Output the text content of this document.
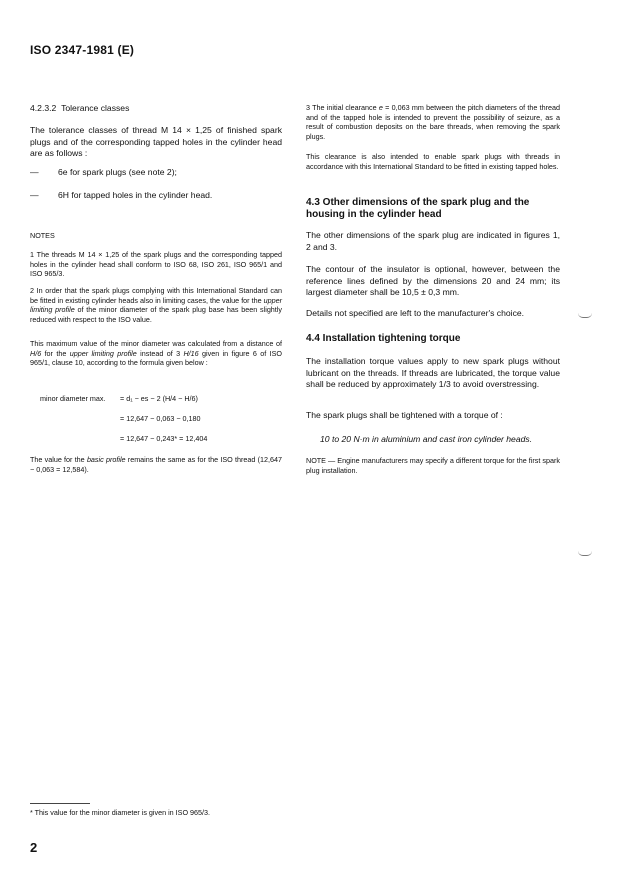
ISO 2347-1981 (E)
4.2.3.2 Tolerance classes

The tolerance classes of thread M 14 × 1,25 of finished spark plugs and of the corresponding tapped holes in the cylinder head are as follows :

— 6e for spark plugs (see note 2);
— 6H for tapped holes in the cylinder head.
NOTES

1 The threads M 14 × 1,25 of the spark plugs and the corresponding tapped holes in the cylinder head shall conform to ISO 68, ISO 261, ISO 965/1 and ISO 965/3.

2 In order that the spark plugs complying with this International Standard can be fitted in existing cylinder heads also in limiting cases, the value for the upper limiting profile of the minor diameter of the spark plug base has been slightly reduced with respect to the ISO value.

This maximum value of the minor diameter was calculated from a distance of H/6 for the upper limiting profile instead of 3 H/16 given in figure 6 of ISO 965/1, clause 10, according to the formula given below :

minor diameter max. = d₁ − es − 2 (H/4 − H/6)
= 12,647 − 0,063 − 0,180
= 12,647 − 0,243* = 12,404

The value for the basic profile remains the same as for the ISO thread (12,647 − 0,063 = 12,584).

3 The initial clearance e = 0,063 mm between the pitch diameters of the thread and of the tapped hole is intended to prevent the possibility of seizure, as a result of combustion deposits on the bare threads, when removing the spark plugs.

This clearance is also intended to enable spark plugs with threads in accordance with this International Standard to be fitted in existing tapped holes.

4.3 Other dimensions of the spark plug and the housing in the cylinder head

The other dimensions of the spark plug are indicated in figures 1, 2 and 3.

The contour of the insulator is optional, however, between the reference lines defined by the dimensions 20 and 24 mm; its largest diameter shall be 10,5 ± 0,3 mm.

Details not specified are left to the manufacturer's choice.

4.4 Installation tightening torque

The installation torque values apply to new spark plugs without lubricant on the threads. If threads are lubricated, the torque value shall be reduced by approximately 1/3 to avoid overstressing.

The spark plugs shall be tightened with a torque of :

10 to 20 N·m in aluminium and cast iron cylinder heads.

NOTE — Engine manufacturers may specify a different torque for the first spark plug installation.

* This value for the minor diameter is given in ISO 965/3.
2
